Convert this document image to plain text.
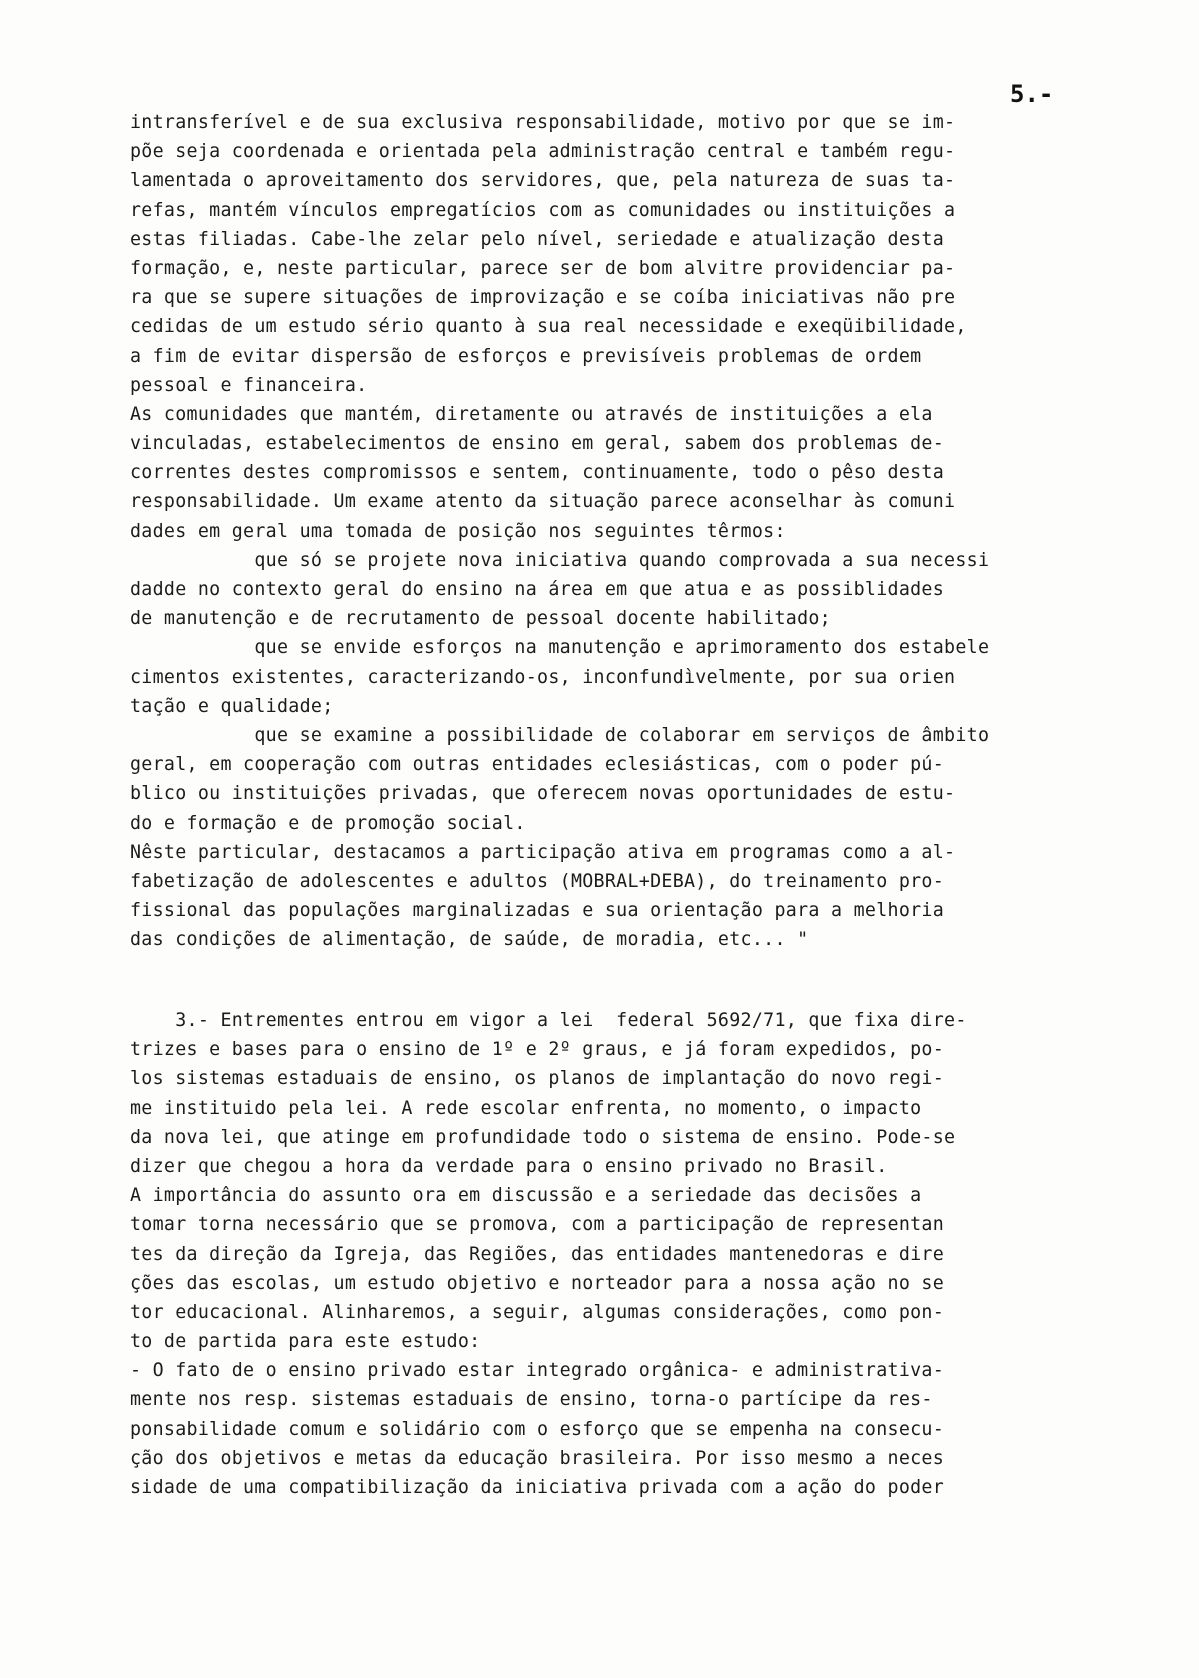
5.-
intransferível e de sua exclusiva responsabilidade, motivo por que se im-
põe seja coordenada e orientada pela administração central e também regu-
lamentada o aproveitamento dos servidores, que, pela natureza de suas ta-
refas, mantém vínculos empregatícios com as comunidades ou instituições a
estas filiadas. Cabe-lhe zelar pelo nível, seriedade e atualização desta
formação, e, neste particular, parece ser de bom alvitre providenciar pa-
ra que se supere situações de improvização e se coíba iniciativas não pre
cedidas de um estudo sério quanto à sua real necessidade e exeqüibilidade,
a fim de evitar dispersão de esforços e previsíveis problemas de ordem
pessoal e financeira.
As comunidades que mantém, diretamente ou através de instituições a ela
vinculadas, estabelecimentos de ensino em geral, sabem dos problemas de-
correntes destes compromissos e sentem, continuamente, todo o pêso desta
responsabilidade. Um exame atento da situação parece aconselhar às comuni
dades em geral uma tomada de posição nos seguintes têrmos:
que só se projete nova iniciativa quando comprovada a sua necessi
dadde no contexto geral do ensino na área em que atua e as possiblidades
de manutenção e de recrutamento de pessoal docente habilitado;
que se envide esforços na manutenção e aprimoramento dos estabele
cimentos existentes, caracterizando-os, inconfundìvelmente, por sua orien
tação e qualidade;
que se examine a possibilidade de colaborar em serviços de âmbito
geral, em cooperação com outras entidades eclesiásticas, com o poder pú-
blico ou instituições privadas, que oferecem novas oportunidades de estu-
do e formação e de promoção social.
Nêste particular, destacamos a participação ativa em programas como a al-
fabetização de adolescentes e adultos (MOBRAL+DEBA), do treinamento pro-
fissional das populações marginalizadas e sua orientação para a melhoria
das condições de alimentação, de saúde, de moradia, etc... "
3.- Entrementes entrou em vigor a lei  federal 5692/71, que fixa dire-
trizes e bases para o ensino de 1º e 2º graus, e já foram expedidos, po-
los sistemas estaduais de ensino, os planos de implantação do novo regi-
me instituido pela lei. A rede escolar enfrenta, no momento, o impacto
da nova lei, que atinge em profundidade todo o sistema de ensino. Pode-se
dizer que chegou a hora da verdade para o ensino privado no Brasil.
A importância do assunto ora em discussão e a seriedade das decisões a
tomar torna necessário que se promova, com a participação de representan
tes da direção da Igreja, das Regiões, das entidades mantenedoras e dire
ções das escolas, um estudo objetivo e norteador para a nossa ação no se
tor educacional. Alinharemos, a seguir, algumas considerações, como pon-
to de partida para este estudo:
- O fato de o ensino privado estar integrado orgânica- e administrativa-
mente nos resp. sistemas estaduais de ensino, torna-o partícipe da res-
ponsabilidade comum e solidário com o esforço que se empenha na consecu-
ção dos objetivos e metas da educação brasileira. Por isso mesmo a neces
sidade de uma compatibilização da iniciativa privada com a ação do poder
